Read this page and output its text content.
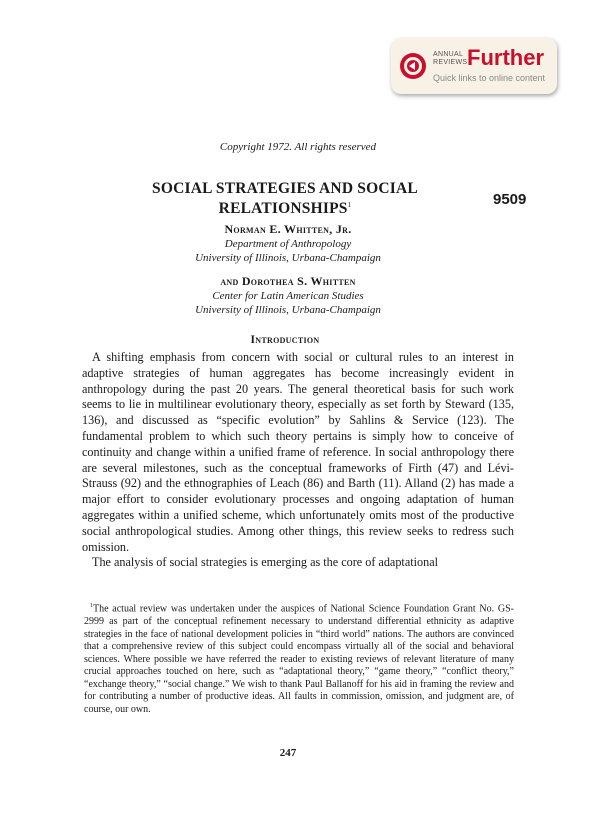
ANNUAL
REVIEWS Further
Quick links to online content
Copyright 1972. All rights reserved
SOCIAL STRATEGIES AND SOCIAL
RELATIONSHIPS$^1$	9509
Norman E. Whitten, Jr.
Department of Anthropology
University of Illinois, Urbana-Champaign
and Dorothea S. Whitten
Center for Latin American Studies
University of Illinois, Urbana-Champaign
Introduction

A shifting emphasis from concern with social or cultural rules to an interest in adaptive strategies of human aggregates has become increasingly evident in anthropology during the past 20 years. The general theoretical basis for such work seems to lie in multilinear evolutionary theory, especially as set forth by Steward (135, 136), and discussed as “specific evolution” by Sahlins & Service (123). The fundamental problem to which such theory pertains is simply how to conceive of continuity and change within a unified frame of reference. In social anthropology there are several milestones, such as the conceptual frameworks of Firth (47) and Lévi-Strauss (92) and the ethnographies of Leach (86) and Barth (11). Alland (2) has made a major effort to consider evolutionary processes and ongoing adaptation of human aggregates within a unified scheme, which unfortunately omits most of the productive social anthropological studies. Among other things, this review seeks to redress such omission.

The analysis of social strategies is emerging as the core of adaptational

$^1$The actual review was undertaken under the auspices of National Science Foundation Grant No. GS-2999 as part of the conceptual refinement necessary to understand differential ethnicity as adaptive strategies in the face of national development policies in “third world” nations. The authors are convinced that a comprehensive review of this subject could encompass virtually all of the social and behavioral sciences. Where possible we have referred the reader to existing reviews of relevant literature of many crucial approaches touched on here, such as “adaptational theory,” “game theory,” “conflict theory,” “exchange theory,” “social change.” We wish to thank Paul Ballanoff for his aid in framing the review and for contributing a number of productive ideas. All faults in commission, omission, and judgment are, of course, our own.

247
